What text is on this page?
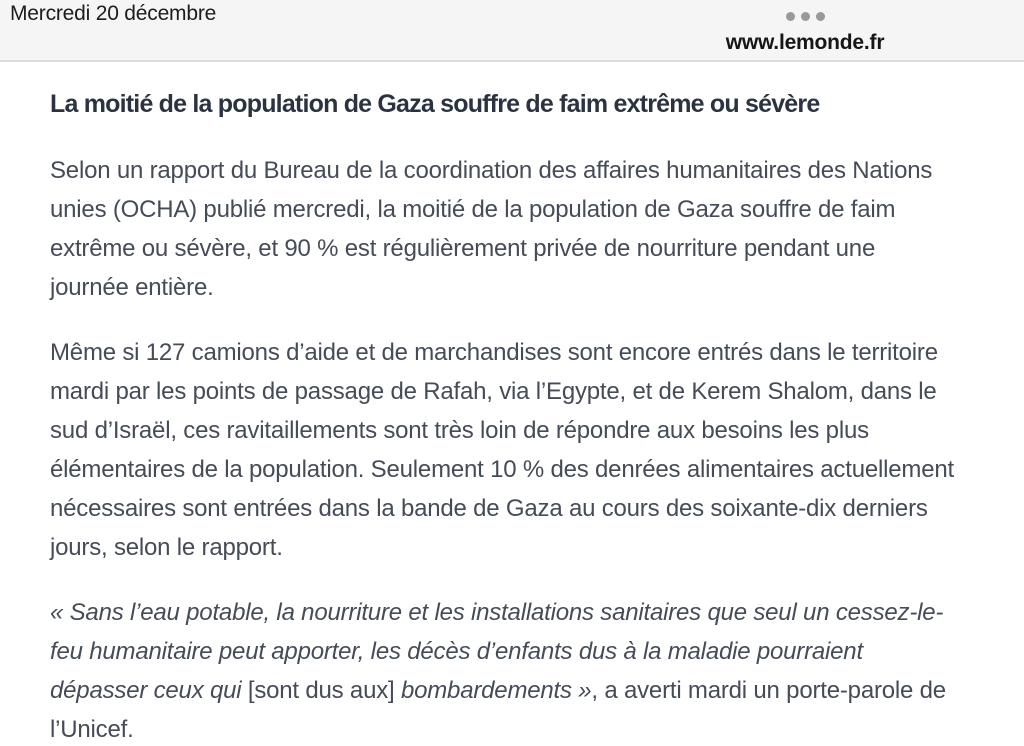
Mercredi 20 décembre
www.lemonde.fr
La moitié de la population de Gaza souffre de faim extrême ou sévère

Selon un rapport du Bureau de la coordination des affaires humanitaires des Nations unies (OCHA) publié mercredi, la moitié de la population de Gaza souffre de faim extrême ou sévère, et 90 % est régulièrement privée de nourriture pendant une journée entière.

Même si 127 camions d’aide et de marchandises sont encore entrés dans le territoire mardi par les points de passage de Rafah, via l’Egypte, et de Kerem Shalom, dans le sud d’Israël, ces ravitaillements sont très loin de répondre aux besoins les plus élémentaires de la population. Seulement 10 % des denrées alimentaires actuellement nécessaires sont entrées dans la bande de Gaza au cours des soixante-dix derniers jours, selon le rapport.

« Sans l’eau potable, la nourriture et les installations sanitaires que seul un cessez-le-feu humanitaire peut apporter, les décès d’enfants dus à la maladie pourraient dépasser ceux qui [sont dus aux] bombardements », a averti mardi un porte-parole de l’Unicef.
